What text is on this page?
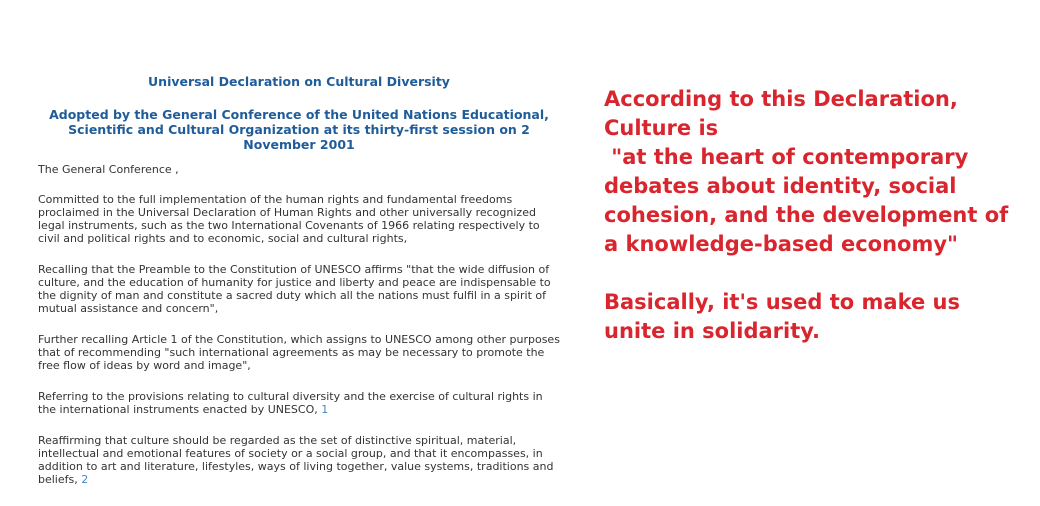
Universal Declaration on Cultural Diversity
Adopted by the General Conference of the United Nations Educational, Scientific and Cultural Organization at its thirty-first session on 2 November 2001

The General Conference ,

Committed to the full implementation of the human rights and fundamental freedoms proclaimed in the Universal Declaration of Human Rights and other universally recognized legal instruments, such as the two International Covenants of 1966 relating respectively to civil and political rights and to economic, social and cultural rights,

Recalling that the Preamble to the Constitution of UNESCO affirms "that the wide diffusion of culture, and the education of humanity for justice and liberty and peace are indispensable to the dignity of man and constitute a sacred duty which all the nations must fulfil in a spirit of mutual assistance and concern",

Further recalling Article 1 of the Constitution, which assigns to UNESCO among other purposes that of recommending "such international agreements as may be necessary to promote the free flow of ideas by word and image",

Referring to the provisions relating to cultural diversity and the exercise of cultural rights in the international instruments enacted by UNESCO, 1

Reaffirming that culture should be regarded as the set of distinctive spiritual, material, intellectual and emotional features of society or a social group, and that it encompasses, in addition to art and literature, lifestyles, ways of living together, value systems, traditions and beliefs, 2

According to this Declaration,
Culture is
"at the heart of contemporary
debates about identity, social
cohesion, and the development of
a knowledge-based economy"
Basically, it's used to make us
unite in solidarity.
